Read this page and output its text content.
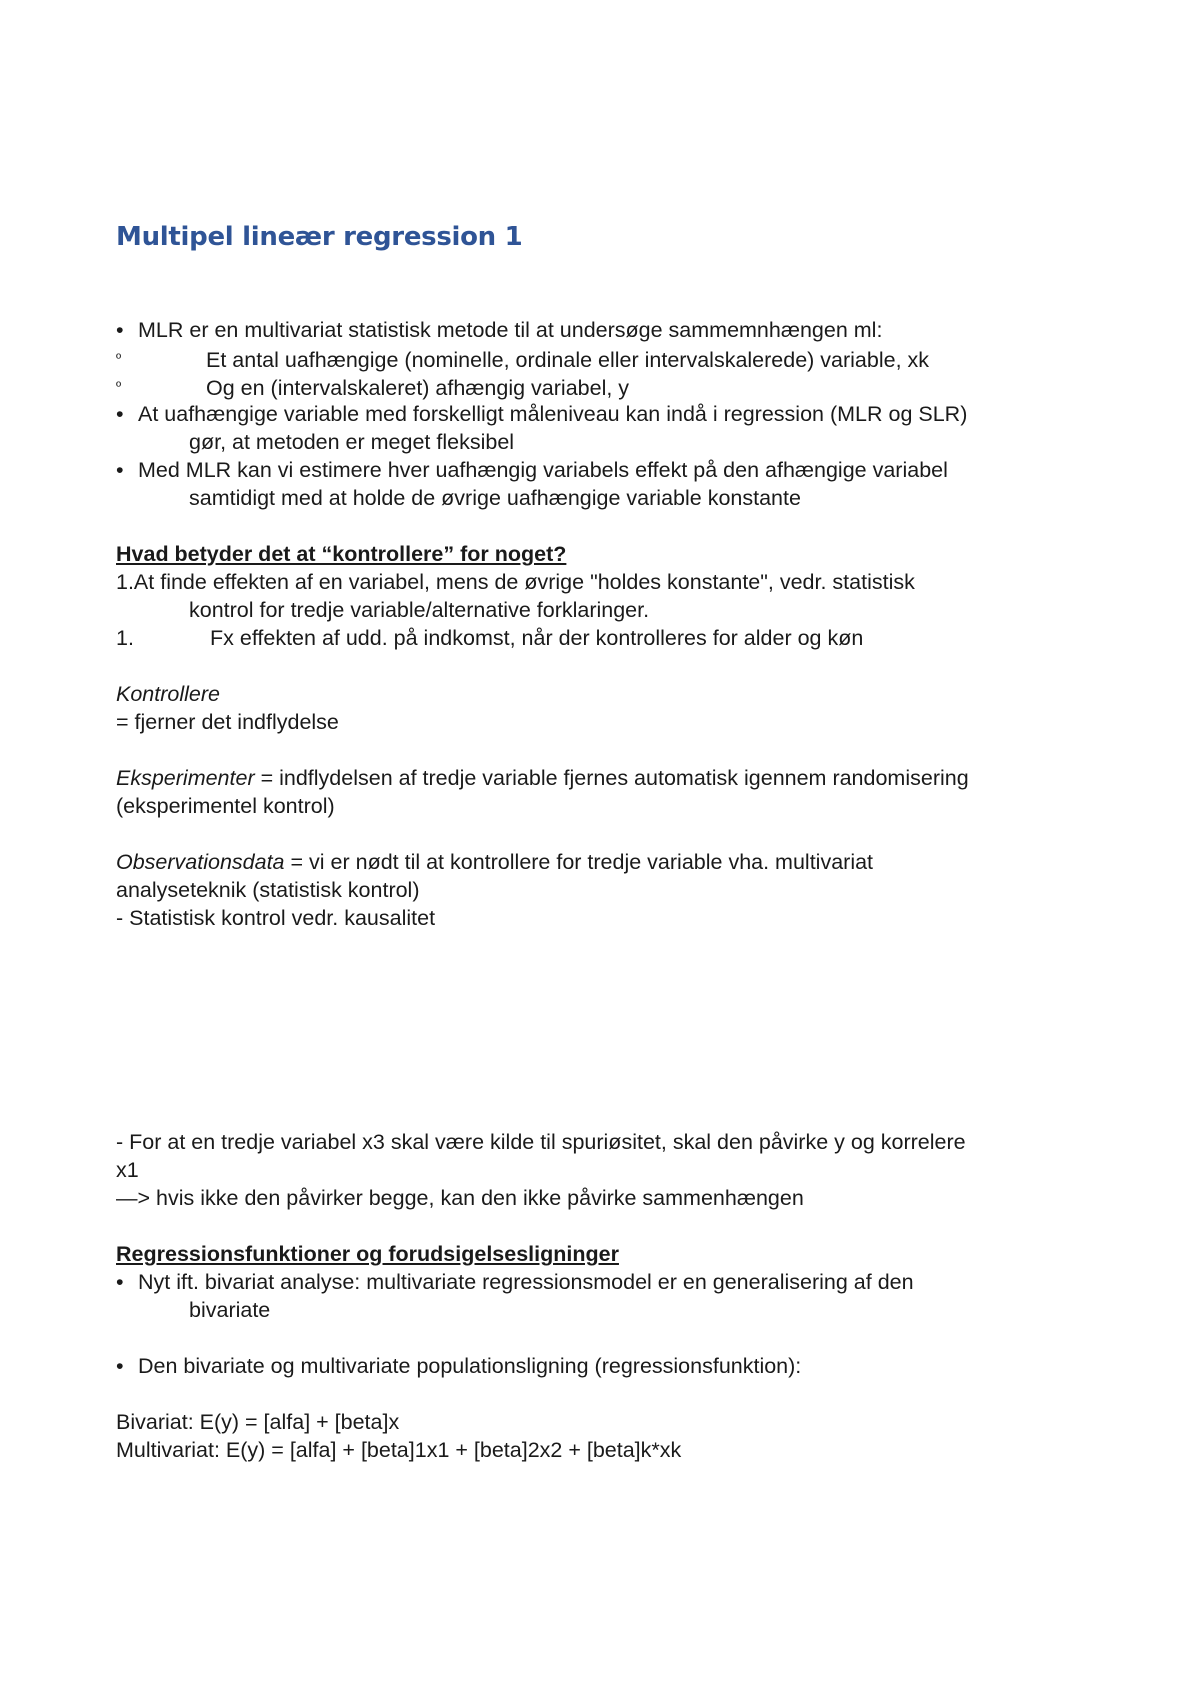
Multipel lineær regression 1
• MLR er en multivariat statistisk metode til at undersøge sammemnhængen ml:
º	Et antal uafhængige (nominelle, ordinale eller intervalskalerede) variable, xk
º	Og en (intervalskaleret) afhængig variabel, y
• At uafhængige variable med forskelligt måleniveau kan indå i regression (MLR og SLR)
gør, at metoden er meget fleksibel
• Med MLR kan vi estimere hver uafhængig variabels effekt på den afhængige variabel
samtidigt med at holde de øvrige uafhængige variable konstante
Hvad betyder det at “kontrollere” for noget?
1.At finde effekten af en variabel, mens de øvrige "holdes konstante", vedr. statistisk
kontrol for tredje variable/alternative forklaringer.
1.	Fx effekten af udd. på indkomst, når der kontrolleres for alder og køn
Kontrollere
= fjerner det indflydelse
Eksperimenter = indflydelsen af tredje variable fjernes automatisk igennem randomisering
(eksperimentel kontrol)
Observationsdata = vi er nødt til at kontrollere for tredje variable vha. multivariat
analyseteknik (statistisk kontrol)
- Statistisk kontrol vedr. kausalitet
- For at en tredje variabel x3 skal være kilde til spuriøsitet, skal den påvirke y og korrelere
x1
—> hvis ikke den påvirker begge, kan den ikke påvirke sammenhængen
Regressionsfunktioner og forudsigelsesligninger
• Nyt ift. bivariat analyse: multivariate regressionsmodel er en generalisering af den
bivariate
• Den bivariate og multivariate populationsligning (regressionsfunktion):
Bivariat: E(y) = [alfa] + [beta]x
Multivariat: E(y) = [alfa] + [beta]1x1 + [beta]2x2 + [beta]k*xk
